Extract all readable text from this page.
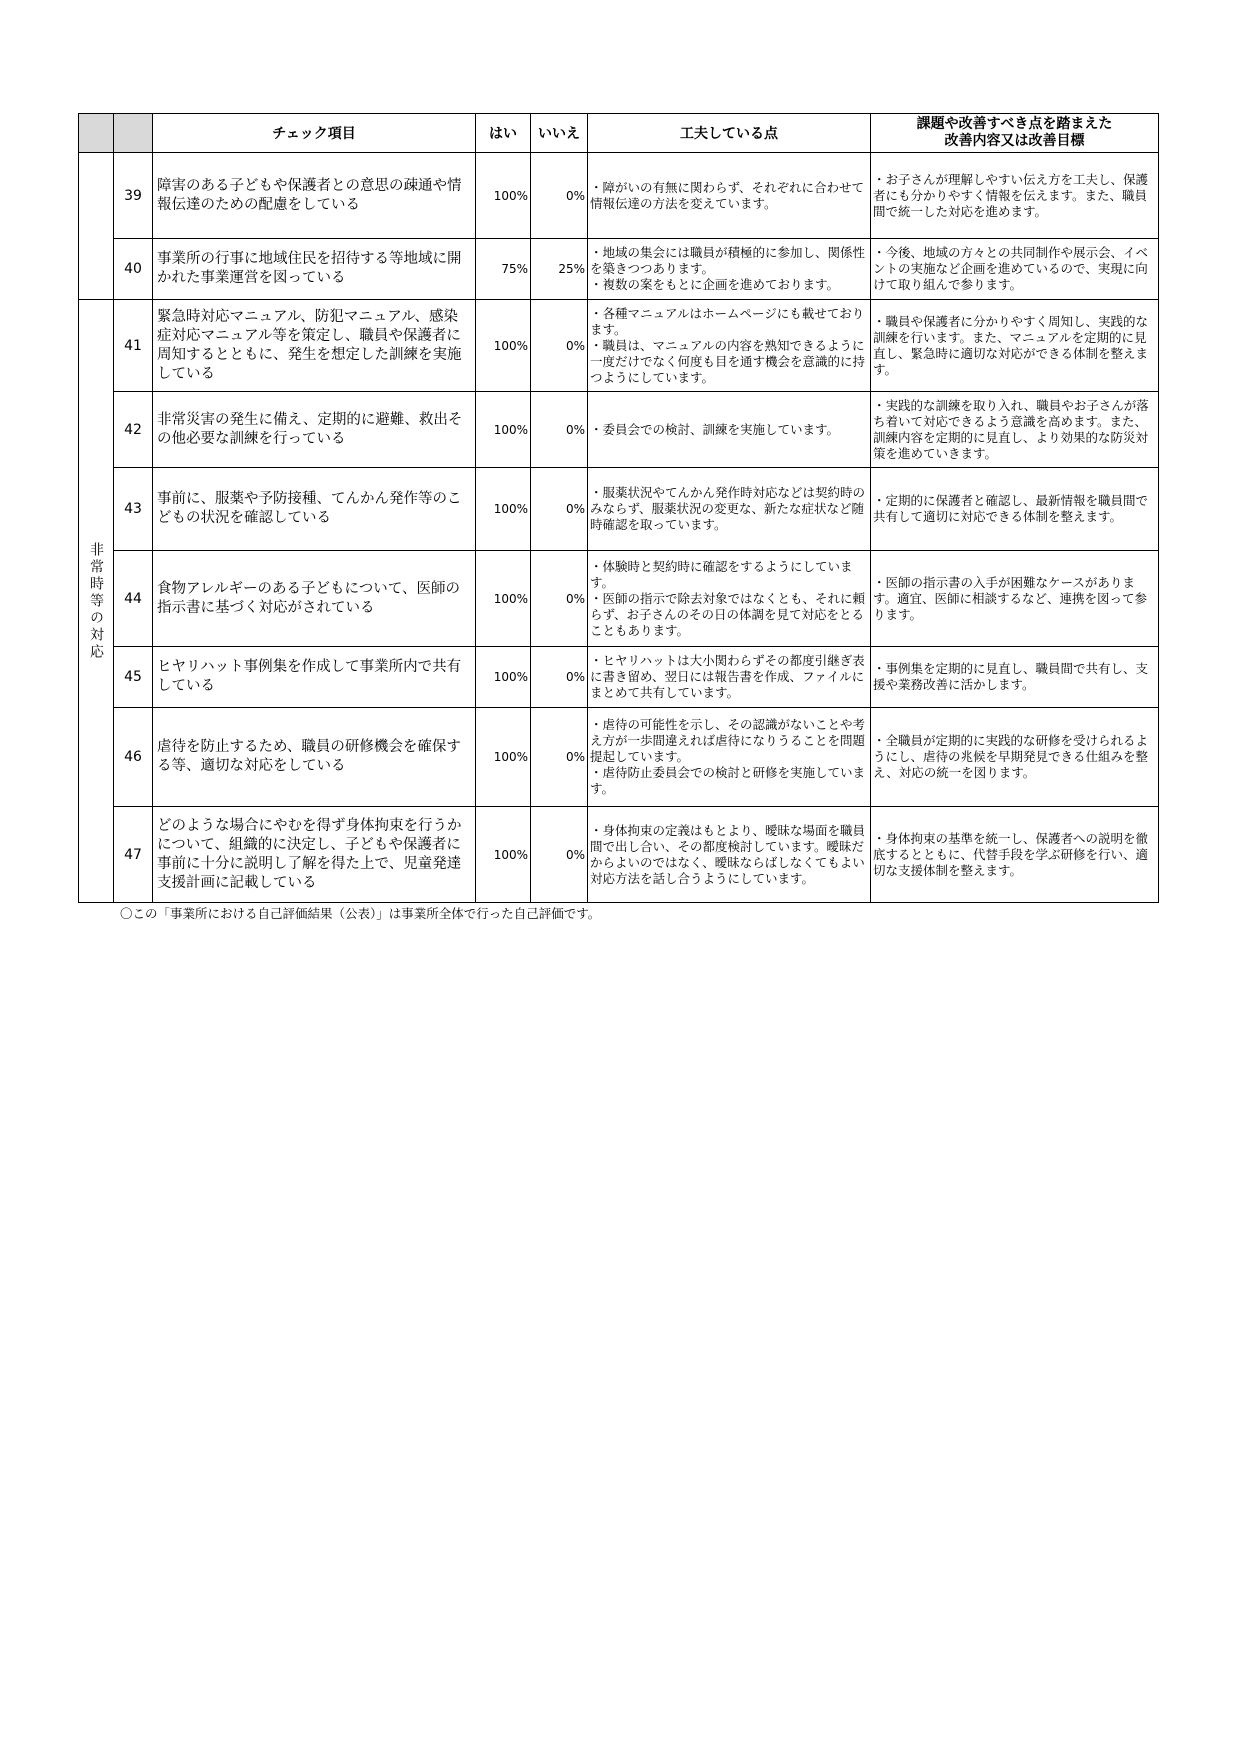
		チェック項目	はい	いいえ	工夫している点	課題や改善すべき点を踏まえた
改善内容又は改善目標
	39	障害のある子どもや保護者との意思の疎通や情報伝達のための配慮をしている	100%	0%	・障がいの有無に関わらず、それぞれに合わせて情報伝達の方法を変えています。	・お子さんが理解しやすい伝え方を工夫し、保護者にも分かりやすく情報を伝えます。また、職員間で統一した対応を進めます。

	40	事業所の行事に地域住民を招待する等地域に開かれた事業運営を図っている	75%	25%	・地域の集会には職員が積極的に参加し、関係性を築きつつあります。
・複数の案をもとに企画を進めております。	・今後、地域の方々との共同制作や展示会、イベントの実施など企画を進めているので、実現に向けて取り組んで参ります。

非常時等の対応	41	緊急時対応マニュアル、防犯マニュアル、感染症対応マニュアル等を策定し、職員や保護者に周知するとともに、発生を想定した訓練を実施している	100%	0%	・各種マニュアルはホームページにも載せております。
・職員は、マニュアルの内容を熟知できるように一度だけでなく何度も目を通す機会を意識的に持つようにしています。	・職員や保護者に分かりやすく周知し、実践的な訓練を行います。また、マニュアルを定期的に見直し、緊急時に適切な対応ができる体制を整えます。

	42	非常災害の発生に備え、定期的に避難、救出その他必要な訓練を行っている	100%	0%	・委員会での検討、訓練を実施しています。	・実践的な訓練を取り入れ、職員やお子さんが落ち着いて対応できるよう意識を高めます。また、訓練内容を定期的に見直し、より効果的な防災対策を進めていきます。

	43	事前に、服薬や予防接種、てんかん発作等のこどもの状況を確認している	100%	0%	・服薬状況やてんかん発作時対応などは契約時のみならず、服薬状況の変更な、新たな症状など随時確認を取っています。	・定期的に保護者と確認し、最新情報を職員間で共有して適切に対応できる体制を整えます。

	44	食物アレルギーのある子どもについて、医師の指示書に基づく対応がされている	100%	0%	・体験時と契約時に確認をするようにしています。
・医師の指示で除去対象ではなくとも、それに頼らず、お子さんのその日の体調を見て対応をとることもあります。	・医師の指示書の入手が困難なケースがあります。適宜、医師に相談するなど、連携を図って参ります。

	45	ヒヤリハット事例集を作成して事業所内で共有している	100%	0%	・ヒヤリハットは大小関わらずその都度引継ぎ表に書き留め、翌日には報告書を作成、ファイルにまとめて共有しています。	・事例集を定期的に見直し、職員間で共有し、支援や業務改善に活かします。

	46	虐待を防止するため、職員の研修機会を確保する等、適切な対応をしている	100%	0%	・虐待の可能性を示し、その認識がないことや考え方が一歩間違えれば虐待になりうることを問題提起しています。
・虐待防止委員会での検討と研修を実施しています。	・全職員が定期的に実践的な研修を受けられるようにし、虐待の兆候を早期発見できる仕組みを整え、対応の統一を図ります。

	47	どのような場合にやむを得ず身体拘束を行うかについて、組織的に決定し、子どもや保護者に事前に十分に説明し了解を得た上で、児童発達支援計画に記載している	100%	0%	・身体拘束の定義はもとより、曖昧な場面を職員間で出し合い、その都度検討しています。曖昧だからよいのではなく、曖昧ならばしなくてもよい対応方法を話し合うようにしています。	・身体拘束の基準を統一し、保護者への説明を徹底するとともに、代替手段を学ぶ研修を行い、適切な支援体制を整えます。
〇この「事業所における自己評価結果（公表）」は事業所全体で行った自己評価です。
